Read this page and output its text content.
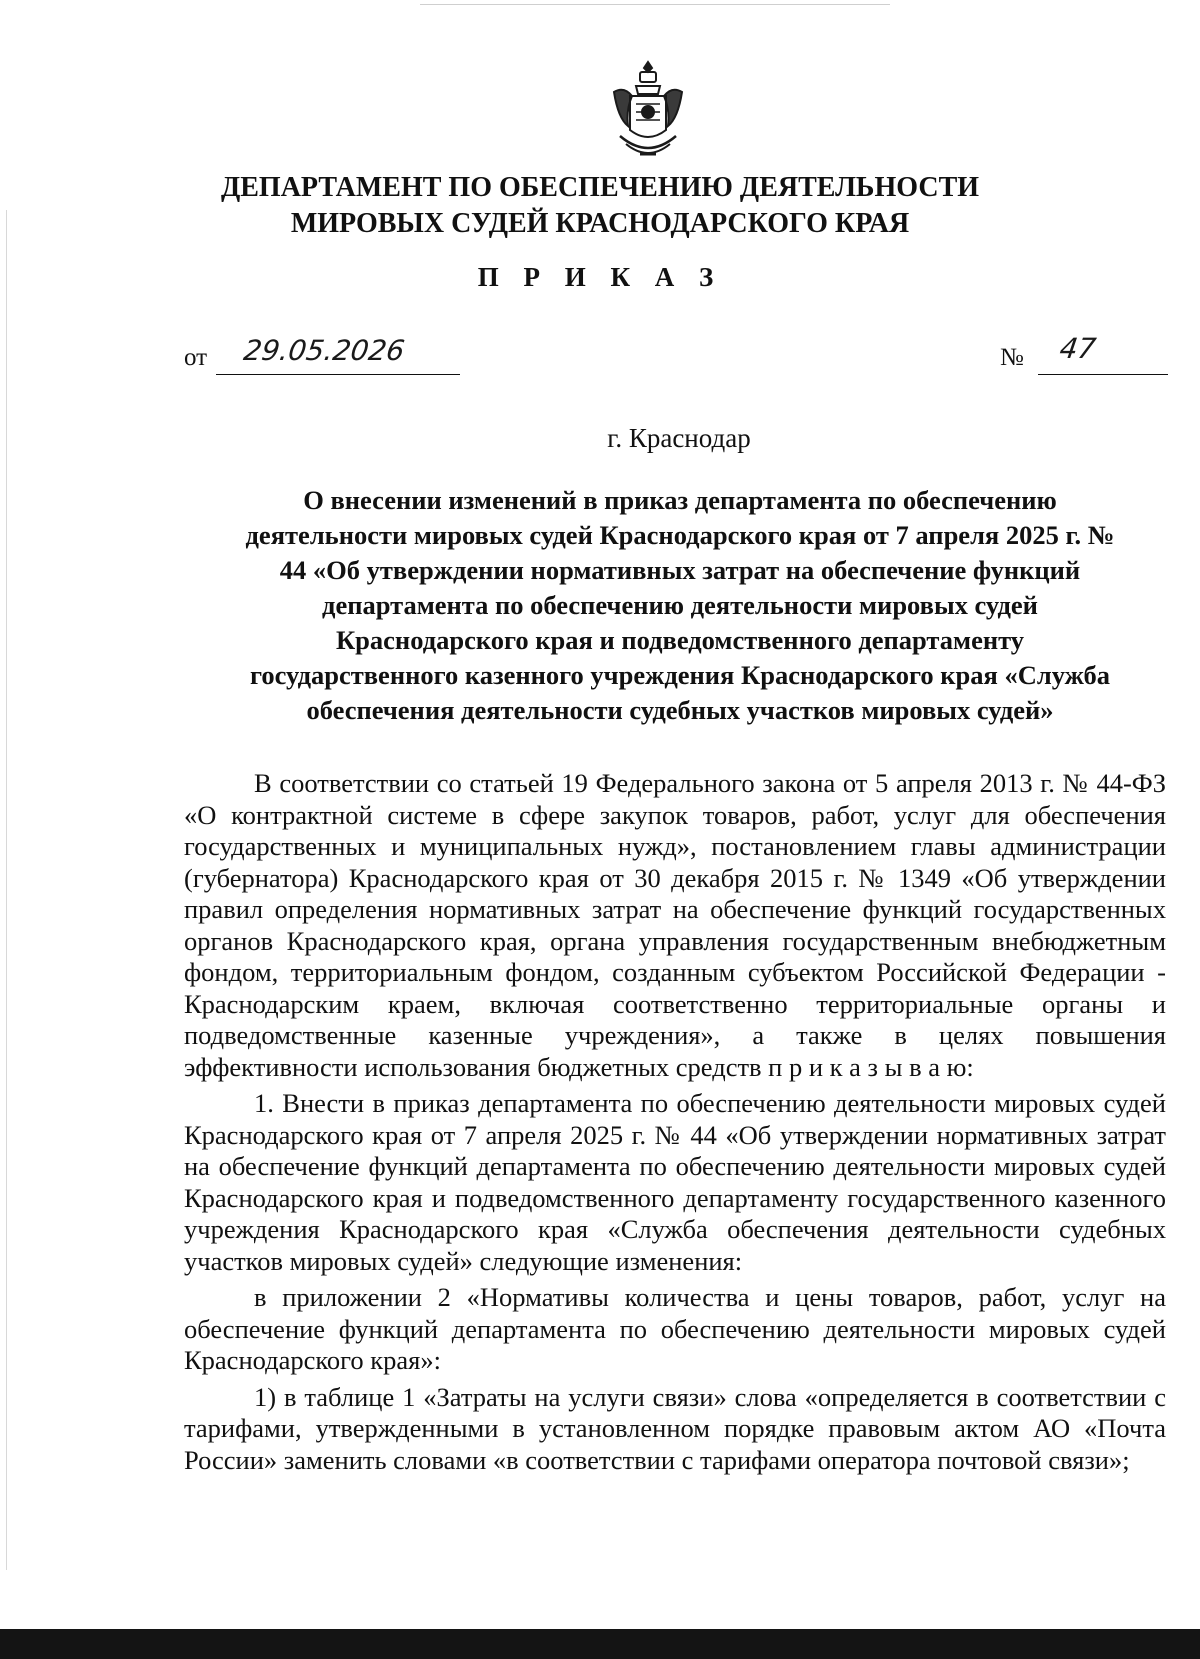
ДЕПАРТАМЕНТ ПО ОБЕСПЕЧЕНИЮ ДЕЯТЕЛЬНОСТИ
МИРОВЫХ СУДЕЙ КРАСНОДАРСКОГО КРАЯ
П Р И К А З
от 29.05.2026	№ 47
г. Краснодар
О внесении изменений в приказ департамента по обеспечению деятельности мировых судей Краснодарского края от 7 апреля 2025 г. № 44 «Об утверждении нормативных затрат на обеспечение функций департамента по обеспечению деятельности мировых судей Краснодарского края и подведомственного департаменту государственного казенного учреждения Краснодарского края «Служба обеспечения деятельности судебных участков мировых судей»

В соответствии со статьей 19 Федерального закона от 5 апреля 2013 г. № 44-ФЗ «О контрактной системе в сфере закупок товаров, работ, услуг для обеспечения государственных и муниципальных нужд», постановлением главы администрации (губернатора) Краснодарского края от 30 декабря 2015 г. № 1349 «Об утверждении правил определения нормативных затрат на обеспечение функций государственных органов Краснодарского края, органа управления государственным внебюджетным фондом, территориальным фондом, созданным субъектом Российской Федерации - Краснодарским краем, включая соответственно территориальные органы и подведомственные казенные учреждения», а также в целях повышения эффективности использования бюджетных средств п р и к а з ы в а ю:

1. Внести в приказ департамента по обеспечению деятельности мировых судей Краснодарского края от 7 апреля 2025 г. № 44 «Об утверждении нормативных затрат на обеспечение функций департамента по обеспечению деятельности мировых судей Краснодарского края и подведомственного департаменту государственного казенного учреждения Краснодарского края «Служба обеспечения деятельности судебных участков мировых судей» следующие изменения:

в приложении 2 «Нормативы количества и цены товаров, работ, услуг на обеспечение функций департамента по обеспечению деятельности мировых судей Краснодарского края»:

1) в таблице 1 «Затраты на услуги связи» слова «определяется в соответствии с тарифами, утвержденными в установленном порядке правовым актом АО «Почта России» заменить словами «в соответствии с тарифами оператора почтовой связи»;
